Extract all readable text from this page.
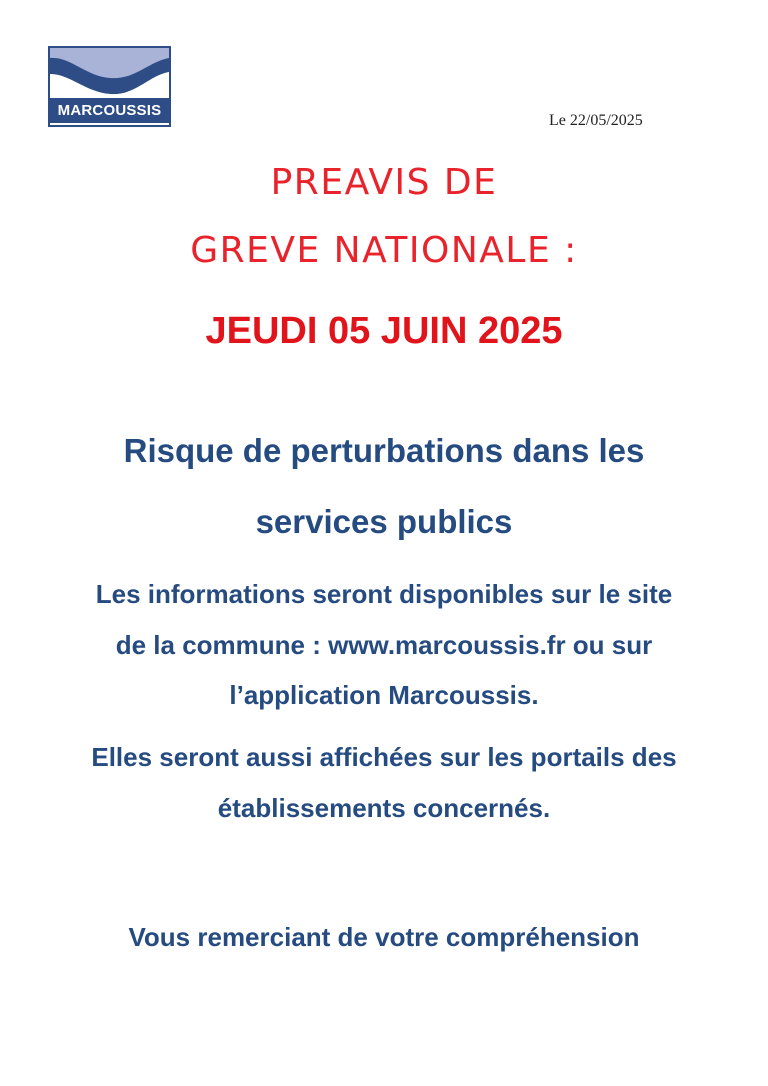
MARCOUSSIS
Le 22/05/2025
PREAVIS DE
GREVE NATIONALE :
JEUDI 05 JUIN 2025
Risque de perturbations dans les
services publics
Les informations seront disponibles sur le site
de la commune : www.marcoussis.fr ou sur
l’application Marcoussis.
Elles seront aussi affichées sur les portails des
établissements concernés.
Vous remerciant de votre compréhension
